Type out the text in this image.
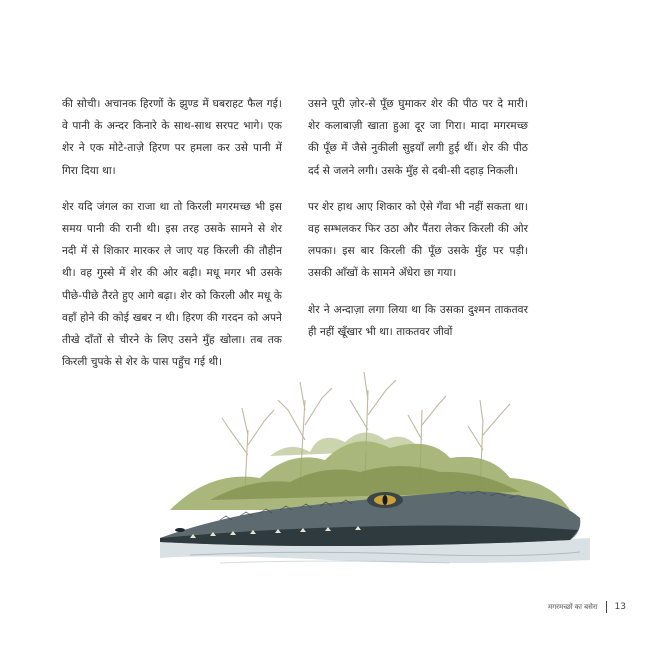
की सोची। अचानक हिरणों के झुण्ड में घबराहट फैल गई। वे पानी के अन्दर किनारे के साथ-साथ सरपट भागे। एक शेर ने एक मोटे-ताज़े हिरण पर हमला कर उसे पानी में गिरा दिया था।

शेर यदि जंगल का राजा था तो किरली मगरमच्छ भी इस समय पानी की रानी थी। इस तरह उसके सामने से शेर नदी में से शिकार मारकर ले जाए यह किरली की तौहीन थी। वह गुस्से में शेर की ओर बढ़ी। मधू मगर भी उसके पीछे-पीछे तैरते हुए आगे बढ़ा। शेर को किरली और मधू के वहाँ होने की कोई खबर न थी। हिरण की गरदन को अपने तीखे दाँतों से चीरने के लिए उसने मुँह खोला। तब तक किरली चुपके से शेर के पास पहुँच गई थी।

उसने पूरी ज़ोर-से पूँछ घुमाकर शेर की पीठ पर दे मारी। शेर कलाबाज़ी खाता हुआ दूर जा गिरा। मादा मगरमच्छ की पूँछ में जैसे नुकीली सुइयाँ लगी हुई थीं। शेर की पीठ दर्द से जलने लगी। उसके मुँह से दबी-सी दहाड़ निकली।

पर शेर हाथ आए शिकार को ऐसे गँवा भी नहीं सकता था। वह सम्भलकर फिर उठा और पैंतरा लेकर किरली की ओर लपका। इस बार किरली की पूँछ उसके मुँह पर पड़ी। उसकी आँखों के सामने अँधेरा छा गया।

शेर ने अन्दाज़ा लगा लिया था कि उसका दुश्मन ताकतवर ही नहीं खूँखार भी था। ताकतवर जीवों

मगरमच्छों का बसेरा 13
